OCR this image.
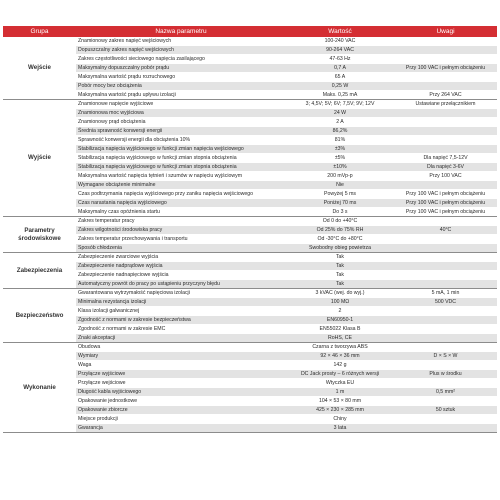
Grupa	Nazwa parametru	Wartość	Uwagi
Wejście	Znamionowy zakres napięć wejściowych	100-240 VAC	
	Dopuszczalny zakres napięć wejściowych	90-264 VAC	
	Zakres częstotliwości sieciowego napięcia zasilającego	47-63 Hz	
	Maksymalny dopuszczalny pobór prądu	0,7 A	Przy 100 VAC i pełnym obciążeniu
	Maksymalna wartość prądu rozruchowego	65 A	
	Pobór mocy bez obciążenia	0,25 W	
	Maksymalna wartość prądu upływu izolacji	Maks. 0,25 mA	Przy 264 VAC
Wyjście	Znamionowe napięcie wyjściowe	3; 4,5V; 5V; 6V; 7,5V; 9V; 12V	Ustawiane przełącznikiem
	Znamionowa moc wyjściowa	24 W	
	Znamionowy prąd obciążenia	2 A	
	Średnia sprawność konwersji energii	86,2%	
	Sprawność konwersji energii dla obciążenia 10%	81%	
	Stabilizacja napięcia wyjściowego w funkcji zmian napięcia wejściowego	±3%	
	Stabilizacja napięcia wyjściowego w funkcji zmian stopnia obciążenia	±5%	Dla napięć 7,5-12V
	Stabilizacja napięcia wyjściowego w funkcji zmian stopnia obciążenia	±10%	Dla napięć 3-6V
	Maksymalna wartość napięcia tętnień i szumów w napięciu wyjściowym	200 mVp-p	Przy 100 VAC
	Wymagane obciążenie minimalne	Nie	
	Czas podtrzymania napięcia wyjściowego przy zaniku napięcia wejściowego	Powyżej 5 ms	Przy 100 VAC i pełnym obciążeniu
	Czas narastania napięcia wyjściowego	Poniżej 70 ms	Przy 100 VAC i pełnym obciążeniu
	Maksymalny czas opóźnienia startu	Do 3 s	Przy 100 VAC i pełnym obciążeniu
Parametry środowiskowe	Zakres temperatur pracy	Od 0 do +40°C	
	Zakres wilgotności środowiska pracy	Od 25% do 75% RH	40°C
	Zakres temperatur przechowywania i transportu	Od -30°C do +80°C	
	Sposób chłodzenia	Swobodny obieg powietrza	
Zabezpieczenia	Zabezpieczenie zwarciowe wyjścia	Tak	
	Zabezpieczenie nadprądowe wyjścia	Tak	
	Zabezpieczenie nadnapięciowe wyjścia	Tak	
	Automatyczny powrót do pracy po ustąpieniu przyczyny błędu	Tak	
Bezpieczeństwo	Gwarantowana wytrzymałość napięciowa izolacji	3 kVAC (wej. do wyj.)	5 mA, 1 min
	Minimalna rezystancja izolacji	100 MΩ	500 VDC
	Klasa izolacji galwanicznej	2	
	Zgodność z normami w zakresie bezpieczeństwa	EN60950-1	
	Zgodność z normami w zakresie EMC	EN55022 Klasa B	
	Znaki akceptacji	RoHS, CE	
Wykonanie	Obudowa	Czarna z tworzywa ABS	
	Wymiary	92 × 46 × 36 mm	D × S × W
	Waga	142 g	
	Przyłącze wyjściowe	DC Jack prosty – 6 różnych wersji	Plus w środku
	Przyłącze wejściowe	Wtyczka EU	
	Długość kabla wyjściowego	1 m	0,5 mm²
	Opakowanie jednostkowe	104 × 53 × 80 mm	
	Opakowanie zbiorcze	425 × 230 × 285 mm	50 sztuk
	Miejsce produkcji	Chiny	
	Gwarancja	3 lata	
